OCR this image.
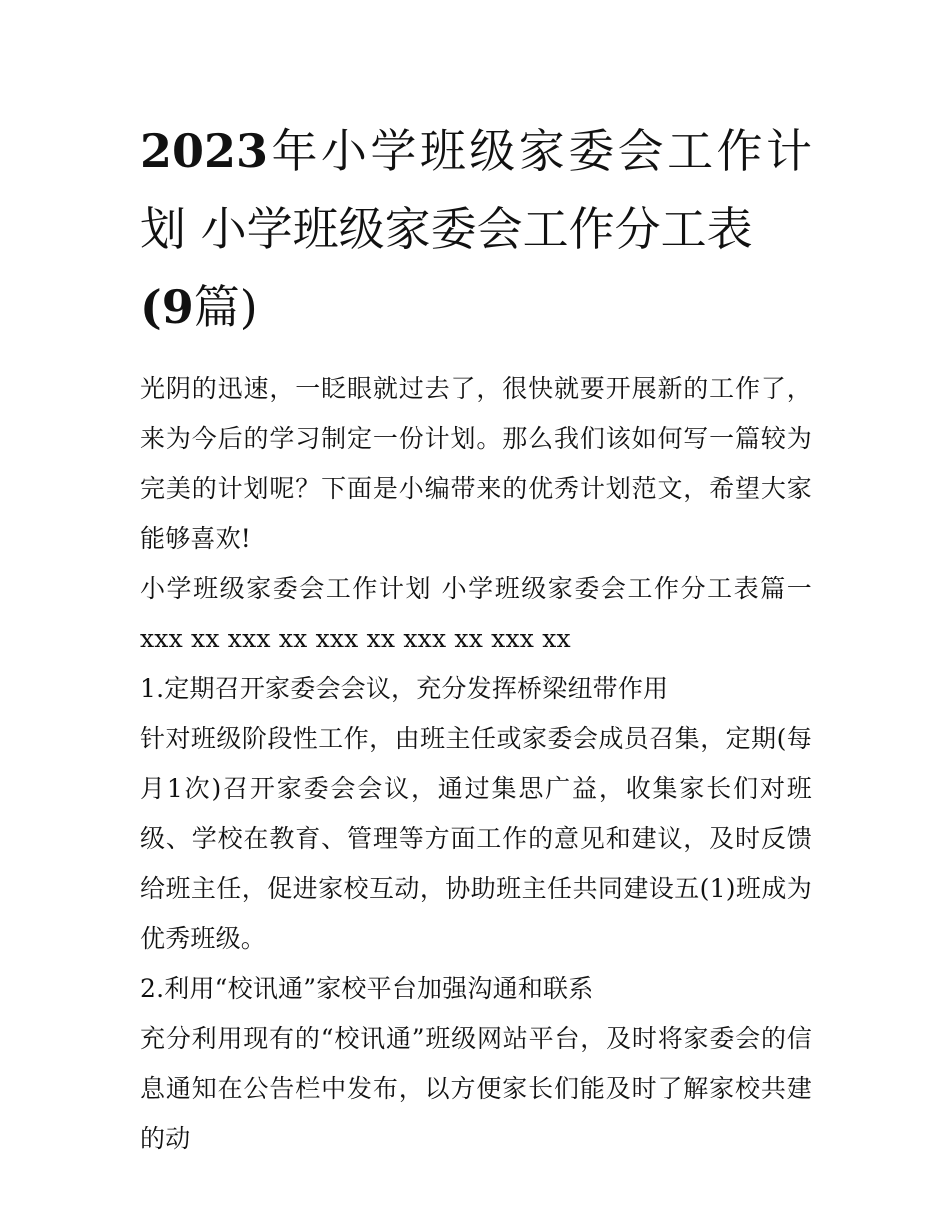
2023年小学班级家委会工作计划 小学班级家委会工作分工表
(9篇)

光阴的迅速，一眨眼就过去了，很快就要开展新的工作了，来为今后的学习制定一份计划。那么我们该如何写一篇较为完美的计划呢？下面是小编带来的优秀计划范文，希望大家能够喜欢!

小学班级家委会工作计划 小学班级家委会工作分工表篇一 xxx xx xxx xx xxx xx xxx xx xxx xx

1.定期召开家委会会议，充分发挥桥梁纽带作用

针对班级阶段性工作，由班主任或家委会成员召集，定期(每月1次)召开家委会会议，通过集思广益，收集家长们对班级、学校在教育、管理等方面工作的意见和建议，及时反馈给班主任，促进家校互动，协助班主任共同建设五(1)班成为优秀班级。

2.利用“校讯通”家校平台加强沟通和联系

充分利用现有的“校讯通”班级网站平台，及时将家委会的信息通知在公告栏中发布，以方便家长们能及时了解家校共建的动
